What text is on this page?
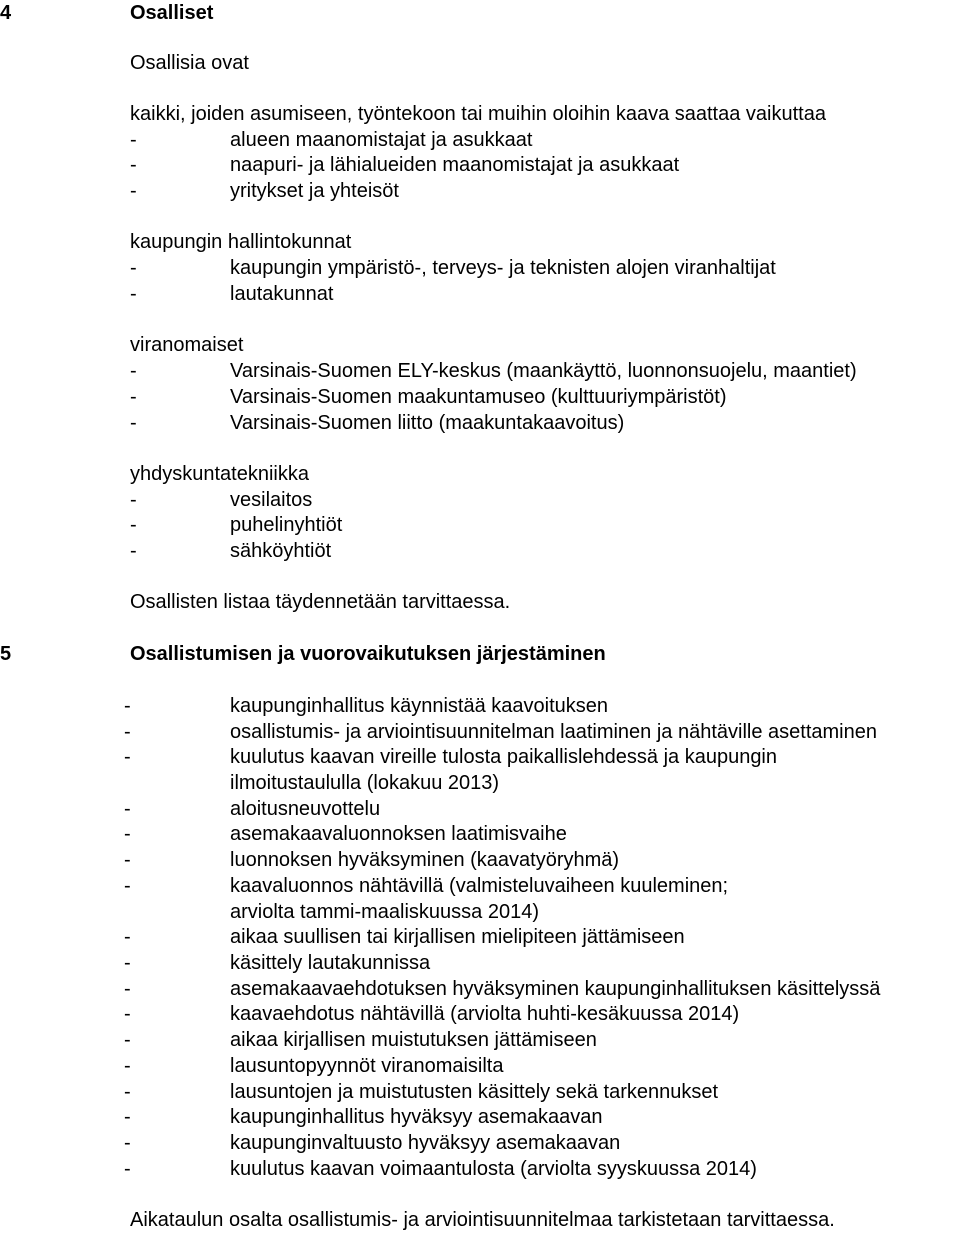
4	Osalliset
Osallisia ovat
kaikki, joiden asumiseen, työntekoon tai muihin oloihin kaava saattaa vaikuttaa
-	alueen maanomistajat ja asukkaat
-	naapuri- ja lähialueiden maanomistajat ja asukkaat
-	yritykset ja yhteisöt
kaupungin hallintokunnat
-	kaupungin ympäristö-, terveys- ja teknisten alojen viranhaltijat
-	lautakunnat
viranomaiset
-	Varsinais-Suomen ELY-keskus (maankäyttö, luonnonsuojelu, maantiet)
-	Varsinais-Suomen maakuntamuseo (kulttuuriympäristöt)
-	Varsinais-Suomen liitto (maakuntakaavoitus)
yhdyskuntatekniikka
-	vesilaitos
-	puhelinyhtiöt
-	sähköyhtiöt
Osallisten listaa täydennetään tarvittaessa.
5	Osallistumisen ja vuorovaikutuksen järjestäminen
-	kaupunginhallitus käynnistää kaavoituksen
-	osallistumis- ja arviointisuunnitelman laatiminen ja nähtäville asettaminen
-	kuulutus kaavan vireille tulosta paikallislehdessä ja kaupungin
ilmoitustaululla (lokakuu 2013)
-	aloitusneuvottelu
-	asemakaavaluonnoksen laatimisvaihe
-	luonnoksen hyväksyminen (kaavatyöryhmä)
-	kaavaluonnos nähtävillä (valmisteluvaiheen kuuleminen;
arviolta tammi-maaliskuussa 2014)
-	aikaa suullisen tai kirjallisen mielipiteen jättämiseen
-	käsittely lautakunnissa
-	asemakaavaehdotuksen hyväksyminen kaupunginhallituksen käsittelyssä
-	kaavaehdotus nähtävillä (arviolta huhti-kesäkuussa 2014)
-	aikaa kirjallisen muistutuksen jättämiseen
-	lausuntopyynnöt viranomaisilta
-	lausuntojen ja muistutusten käsittely sekä tarkennukset
-	kaupunginhallitus hyväksyy asemakaavan
-	kaupunginvaltuusto hyväksyy asemakaavan
-	kuulutus kaavan voimaantulosta (arviolta syyskuussa 2014)
Aikataulun osalta osallistumis- ja arviointisuunnitelmaa tarkistetaan tarvittaessa.
